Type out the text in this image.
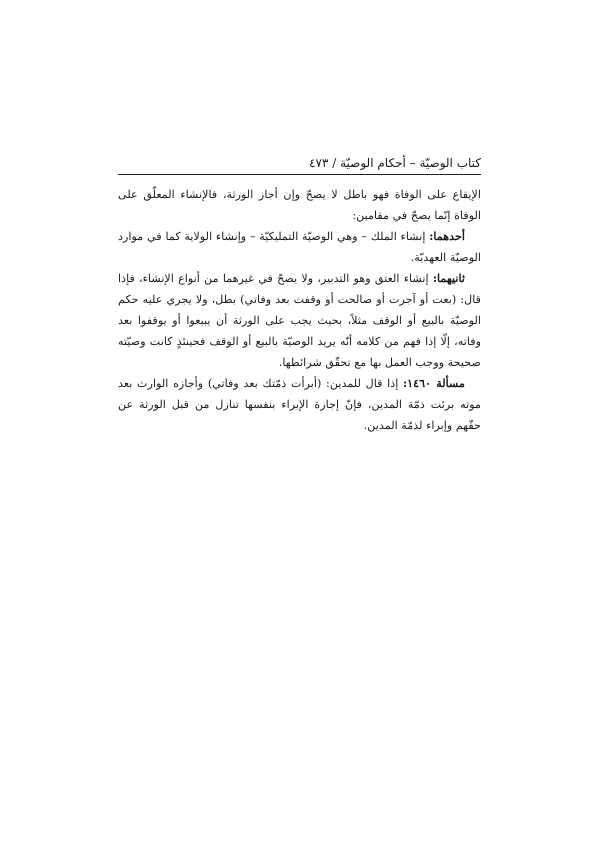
كتاب الوصيّة – أحكام الوصيّة / ٤٧٣

الإيقاع على الوفاة فهو باطل لا يصحّ وإن أجاز الورثة، فالإنشاء المعلّق على الوفاة إنّما يصحّ في مقامين:

أحدهما: إنشاء الملك – وهي الوصيّة التمليكيّة – وإنشاء الولاية كما في موارد الوصيّة العهديّة.

ثانيهما: إنشاء العتق وهو التدبير، ولا يصحّ في غيرهما من أنواع الإنشاء، فإذا قال: (بعت أو آجرت أو صالحت أو وقفت بعد وفاتي) بطل، ولا يجري عليه حكم الوصيّة بالبيع أو الوقف مثلاً، بحيث يجب على الورثة أن يبيعوا أو يوقفوا بعد وفاته، إلّا إذا فهم من كلامه أنّه يريد الوصيّة بالبيع أو الوقف فحينئذٍ كانت وصيّته صحيحة ووجب العمل بها مع تحقّق شرائطها.

مسألة ١٤٦٠: إذا قال للمدين: (أبرأت ذمّتك بعد وفاتي) وأجازه الوارث بعد موته برئت ذمّة المدين، فإنّ إجازة الإبراء بنفسها تنازل من قبل الورثة عن حقّهم وإبراء لذمّة المدين.
